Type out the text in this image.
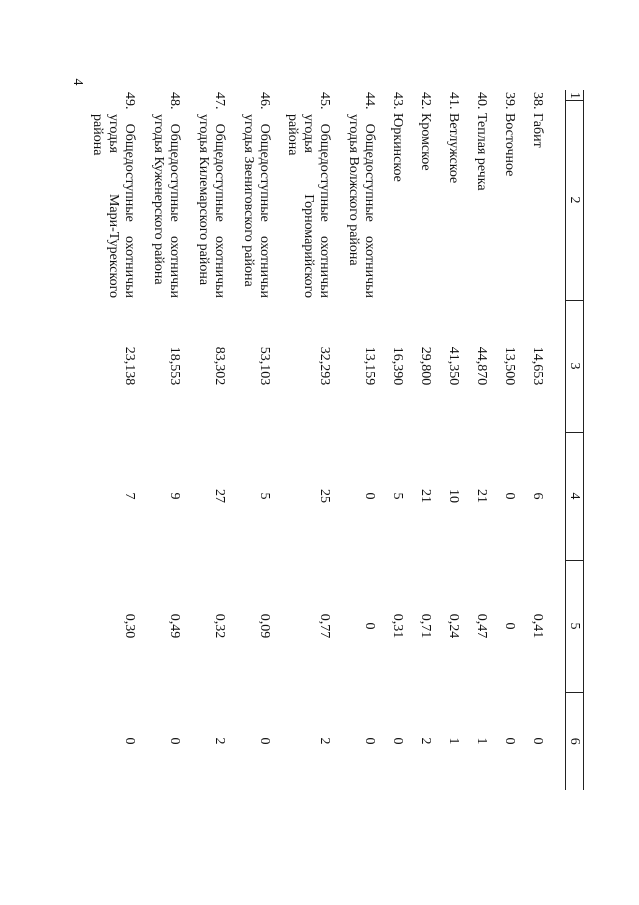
4
1	2	3	4	5	6

38. Габит		14,653	6	0,41	0

39. Восточное		13,500	0	0	0

40. Теплая речка		44,870	21	0,47	1

41. Ветлужское		41,350	10	0,24	1

42. Кромское		29,800	21	0,71	2

43. Юркинское		16,390	5	0,31	0

44. Общедоступные охотничьи
угодья Волжского района		13,159	0	0	0

45. Общедоступные охотничьи
угодья Горномарийского
района		32,293	25	0,77	2

46. Общедоступные охотничьи
угодья Звениговского района		53,103	5	0,09	0

47. Общедоступные охотничьи
угодья Килемарского района		83,302	27	0,32	2

48. Общедоступные охотничьи
угодья Куженерского района		18,553	9	0,49	0

49. Общедоступные охотничьи
угодья Мари-Турекского
района		23,138	7	0,30	0
